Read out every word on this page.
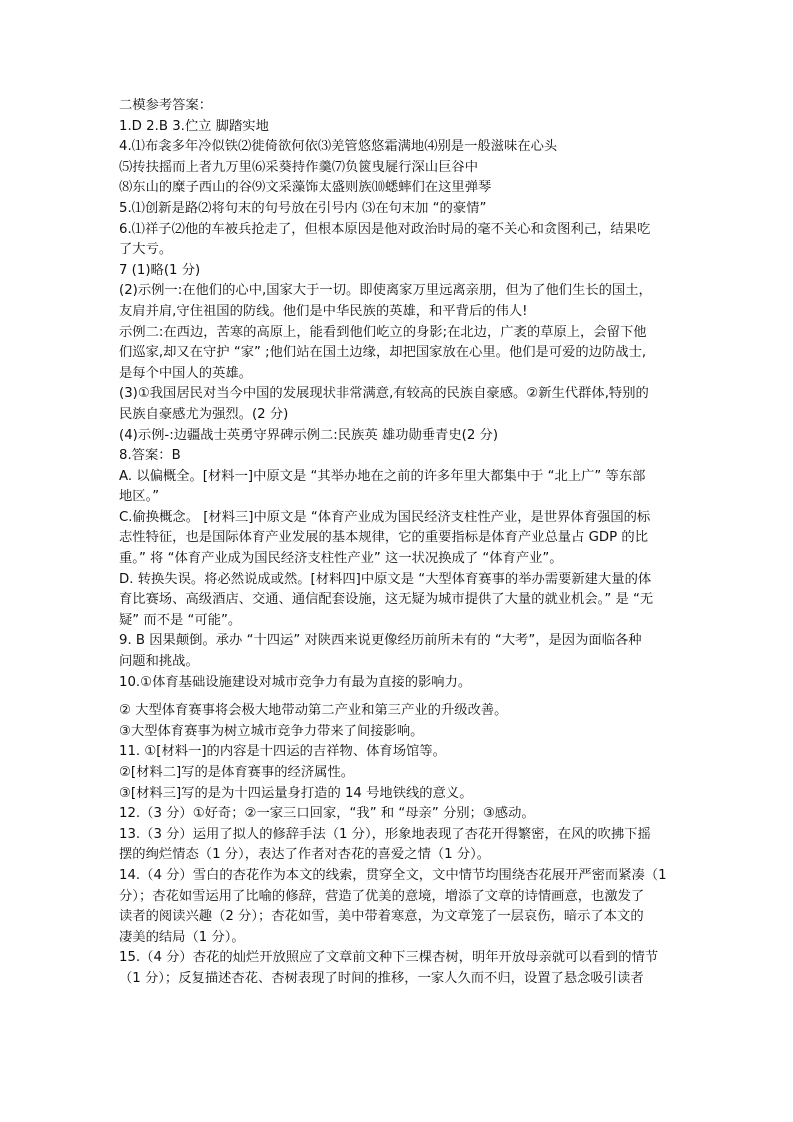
二模参考答案：
1.D 2.B 3.伫立 脚踏实地
4.⑴布衾多年冷似铁⑵徙倚欲何依⑶羌管悠悠霜满地⑷别是一般滋味在心头
⑸抟扶摇而上者九万里⑹采葵持作羹⑺负篋曳屣行深山巨谷中
⑻东山的糜子西山的谷⑼文采藻饰太盛则族⑽蟋蟀们在这里弹琴
5.⑴创新是路⑵将句末的句号放在引号内 ⑶在句末加 “的豪情”
6.⑴祥子⑵他的车被兵抢走了，但根本原因是他对政治时局的毫不关心和贪图利己，结果吃
了大亏。
7 (1)略(1 分)
(2)示例一:在他们的心中,国家大于一切。即使离家万里远离亲朋，但为了他们生长的国土，
友肩并肩,守住祖国的防线。他们是中华民族的英雄，和平背后的伟人!
示例二:在西边，苦寒的高原上，能看到他们屹立的身影;在北边，广袤的草原上，会留下他
们巡家,却又在守护 “家” ;他们站在国土边缘，却把国家放在心里。他们是可爱的边防战士,
是每个中国人的英雄。
(3)①我国居民对当今中国的发展现状非常满意,有较高的民族自豪感。②新生代群体,特别的
民族自豪感尤为强烈。(2 分)
(4)示例-:边疆战士英勇守界碑示例二:民族英 雄功勋垂青史(2 分)
8.答案：B
A. 以偏概全。[材料一]中原文是 “其举办地在之前的许多年里大都集中于 “北上广” 等东部
地区。”
C.偷换概念。 [材料三]中原文是 “体育产业成为国民经济支柱性产业，是世界体育强国的标
志性特征，也是国际体育产业发展的基本规律，它的重要指标是体育产业总量占 GDP 的比
重。” 将 “体育产业成为国民经济支柱性产业” 这一状况换成了 “体育产业”。
D. 转换失误。将必然说成或然。[材料四]中原文是 “大型体育赛事的举办需要新建大量的体
育比赛场、高级酒店、交通、通信配套设施，这无疑为城市提供了大量的就业机会。” 是 “无
疑” 而不是 “可能”。
9. B 因果颠倒。承办 “十四运” 对陕西来说更像经历前所未有的 “大考”，是因为面临各种
问题和挑战。
10.①体育基础设施建设对城市竞争力有最为直接的影响力。
② 大型体育赛事将会极大地带动第二产业和第三产业的升级改善。
③大型体育赛事为树立城市竞争力带来了间接影响。
11. ①[材料一]的内容是十四运的吉祥物、体育场馆等。
②[材料二]写的是体育赛事的经济属性。
③[材料三]写的是为十四运量身打造的 14 号地铁线的意义。
12.（3 分）①好奇；②一家三口回家，“我” 和 “母亲” 分别；③感动。
13.（3 分）运用了拟人的修辞手法（1 分），形象地表现了杏花开得繁密，在风的吹拂下摇
摆的绚烂情态（1 分），表达了作者对杏花的喜爱之情（1 分）。
14.（4 分）雪白的杏花作为本文的线索，贯穿全文，文中情节均围绕杏花展开严密而紧凑（1
分）；杏花如雪运用了比喻的修辞，营造了优美的意境，增添了文章的诗情画意，也激发了
读者的阅读兴趣（2 分）；杏花如雪，美中带着寒意，为文章笼了一层哀伤，暗示了本文的
凄美的结局（1 分）。
15.（4 分）杏花的灿烂开放照应了文章前文种下三棵杏树，明年开放母亲就可以看到的情节
（1 分）；反复描述杏花、杏树表现了时间的推移，一家人久而不归，设置了悬念吸引读者
